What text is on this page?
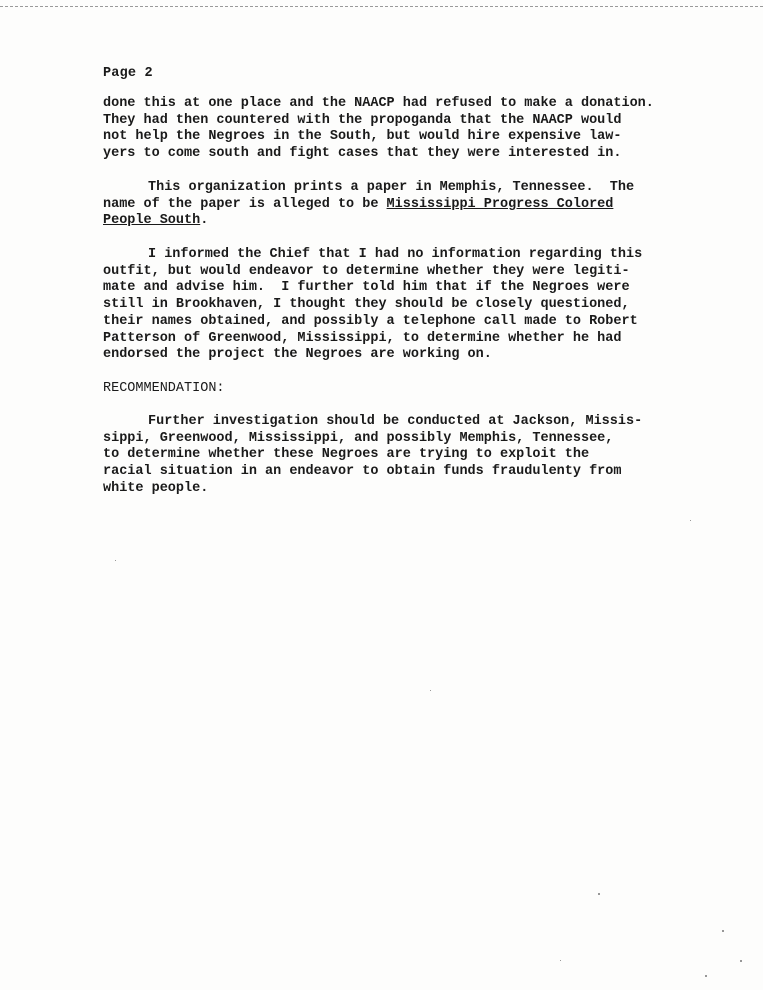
Page 2
done this at one place and the NAACP had refused to make a donation.
They had then countered with the propoganda that the NAACP would
not help the Negroes in the South, but would hire expensive law-
yers to come south and fight cases that they were interested in.
This organization prints a paper in Memphis, Tennessee.  The
name of the paper is alleged to be Mississippi Progress Colored
People South.
I informed the Chief that I had no information regarding this
outfit, but would endeavor to determine whether they were legiti-
mate and advise him.  I further told him that if the Negroes were
still in Brookhaven, I thought they should be closely questioned,
their names obtained, and possibly a telephone call made to Robert
Patterson of Greenwood, Mississippi, to determine whether he had
endorsed the project the Negroes are working on.
RECOMMENDATION:
Further investigation should be conducted at Jackson, Missis-
sippi, Greenwood, Mississippi, and possibly Memphis, Tennessee,
to determine whether these Negroes are trying to exploit the
racial situation in an endeavor to obtain funds fraudulenty from
white people.
